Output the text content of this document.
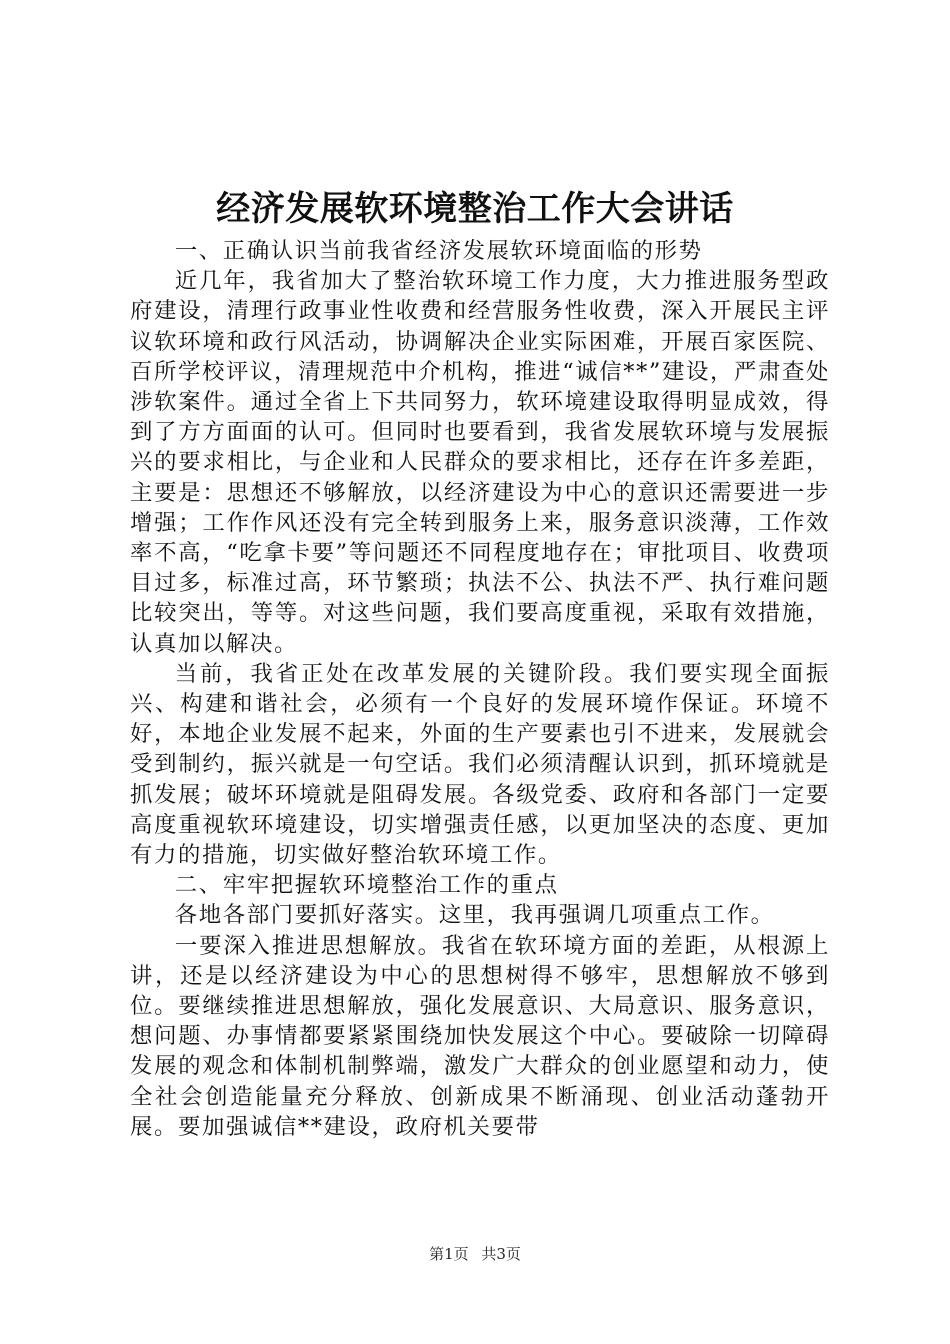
经济发展软环境整治工作大会讲话

一、正确认识当前我省经济发展软环境面临的形势

近几年，我省加大了整治软环境工作力度，大力推进服务型政府建设，清理行政事业性收费和经营服务性收费，深入开展民主评议软环境和政行风活动，协调解决企业实际困难，开展百家医院、百所学校评议，清理规范中介机构，推进“诚信**”建设，严肃查处涉软案件。通过全省上下共同努力，软环境建设取得明显成效，得到了方方面面的认可。但同时也要看到，我省发展软环境与发展振兴的要求相比，与企业和人民群众的要求相比，还存在许多差距，主要是：思想还不够解放，以经济建设为中心的意识还需要进一步增强；工作作风还没有完全转到服务上来，服务意识淡薄，工作效率不高，“吃拿卡要”等问题还不同程度地存在；审批项目、收费项目过多，标准过高，环节繁琐；执法不公、执法不严、执行难问题比较突出，等等。对这些问题，我们要高度重视，采取有效措施，认真加以解决。

当前，我省正处在改革发展的关键阶段。我们要实现全面振兴、构建和谐社会，必须有一个良好的发展环境作保证。环境不好，本地企业发展不起来，外面的生产要素也引不进来，发展就会受到制约，振兴就是一句空话。我们必须清醒认识到，抓环境就是抓发展；破坏环境就是阻碍发展。各级党委、政府和各部门一定要高度重视软环境建设，切实增强责任感，以更加坚决的态度、更加有力的措施，切实做好整治软环境工作。

二、牢牢把握软环境整治工作的重点

各地各部门要抓好落实。这里，我再强调几项重点工作。

一要深入推进思想解放。我省在软环境方面的差距，从根源上讲，还是以经济建设为中心的思想树得不够牢，思想解放不够到位。要继续推进思想解放，强化发展意识、大局意识、服务意识，想问题、办事情都要紧紧围绕加快发展这个中心。要破除一切障碍发展的观念和体制机制弊端，激发广大群众的创业愿望和动力，使全社会创造能量充分释放、创新成果不断涌现、创业活动蓬勃开展。要加强诚信**建设，政府机关要带

第1页 共3页
